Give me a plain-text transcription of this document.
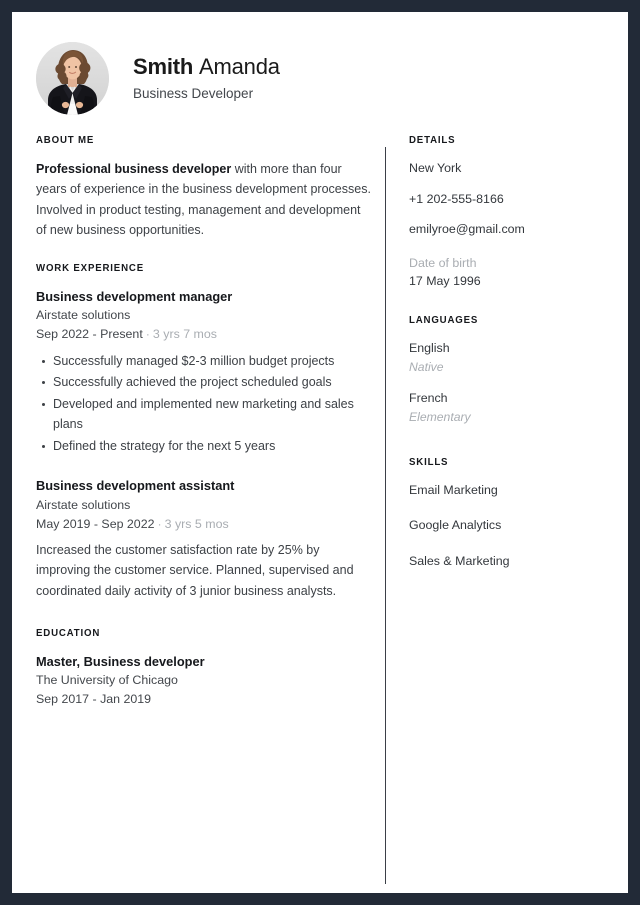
Smith Amanda
Business Developer
ABOUT ME
Professional business developer with more than four years of experience in the business development processes. Involved in product testing, management and development of new business opportunities.
WORK EXPERIENCE
Business development manager
Airstate solutions
Sep 2022 - Present · 3 yrs 7 mos
Successfully managed $2-3 million budget projects
Successfully achieved the project scheduled goals
Developed and implemented new marketing and sales plans
Defined the strategy for the next 5 years
Business development assistant
Airstate solutions
May 2019 - Sep 2022 · 3 yrs 5 mos
Increased the customer satisfaction rate by 25% by improving the customer service. Planned, supervised and coordinated daily activity of 3 junior business analysts.
EDUCATION
Master, Business developer
The University of Chicago
Sep 2017 - Jan 2019
DETAILS
New York
+1 202-555-8166
emilyroe@gmail.com
Date of birth
17 May 1996
LANGUAGES
English
Native
French
Elementary
SKILLS
Email Marketing
Google Analytics
Sales & Marketing
